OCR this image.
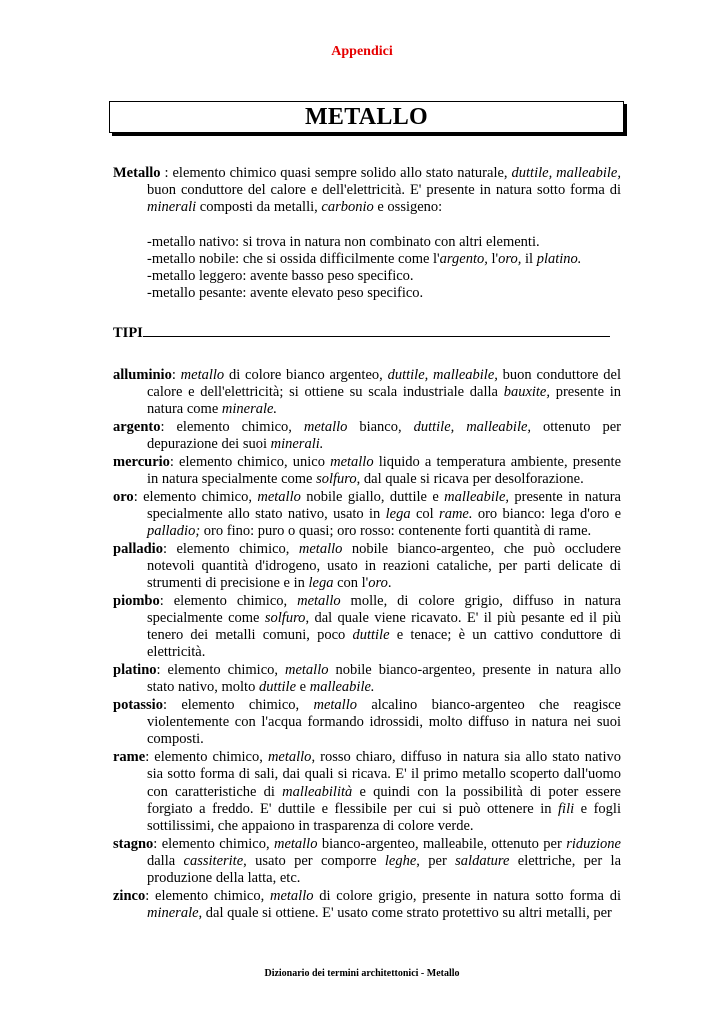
Appendici
METALLO

Metallo : elemento chimico quasi sempre solido allo stato naturale, duttile, malleabile, buon conduttore del calore e dell'elettricità. E' presente in natura sotto forma di minerali composti da metalli, carbonio e ossigeno:

-metallo nativo: si trova in natura non combinato con altri elementi.

-metallo nobile: che si ossida difficilmente come l'argento, l'oro, il platino.

-metallo leggero: avente basso peso specifico.

-metallo pesante: avente elevato peso specifico.

TIPI

alluminio: metallo di colore bianco argenteo, duttile, malleabile, buon conduttore del calore e dell'elettricità; si ottiene su scala industriale dalla bauxite, presente in natura come minerale.

argento: elemento chimico, metallo bianco, duttile, malleabile, ottenuto per depurazione dei suoi minerali.

mercurio: elemento chimico, unico metallo liquido a temperatura ambiente, presente in natura specialmente come solfuro, dal quale si ricava per desolforazione.

oro: elemento chimico, metallo nobile giallo, duttile e malleabile, presente in natura specialmente allo stato nativo, usato in lega col rame. oro bianco: lega d'oro e palladio; oro fino: puro o quasi; oro rosso: contenente forti quantità di rame.

palladio: elemento chimico, metallo nobile bianco-argenteo, che può occludere notevoli quantità d'idrogeno, usato in reazioni cataliche, per parti delicate di strumenti di precisione e in lega con l'oro.

piombo: elemento chimico, metallo molle, di colore grigio, diffuso in natura specialmente come solfuro, dal quale viene ricavato. E' il più pesante ed il più tenero dei metalli comuni, poco duttile e tenace; è un cattivo conduttore di elettricità.

platino: elemento chimico, metallo nobile bianco-argenteo, presente in natura allo stato nativo, molto duttile e malleabile.

potassio: elemento chimico, metallo alcalino bianco-argenteo che reagisce violentemente con l'acqua formando idrossidi, molto diffuso in natura nei suoi composti.

rame: elemento chimico, metallo, rosso chiaro, diffuso in natura sia allo stato nativo sia sotto forma di sali, dai quali si ricava. E' il primo metallo scoperto dall'uomo con caratteristiche di malleabilità e quindi con la possibilità di poter essere forgiato a freddo. E' duttile e flessibile per cui si può ottenere in fili e fogli sottilissimi, che appaiono in trasparenza di colore verde.

stagno: elemento chimico, metallo bianco-argenteo, malleabile, ottenuto per riduzione dalla cassiterite, usato per comporre leghe, per saldature elettriche, per la produzione della latta, etc.

zinco: elemento chimico, metallo di colore grigio, presente in natura sotto forma di minerale, dal quale si ottiene. E' usato come strato protettivo su altri metalli, per

Dizionario dei termini architettonici - Metallo
